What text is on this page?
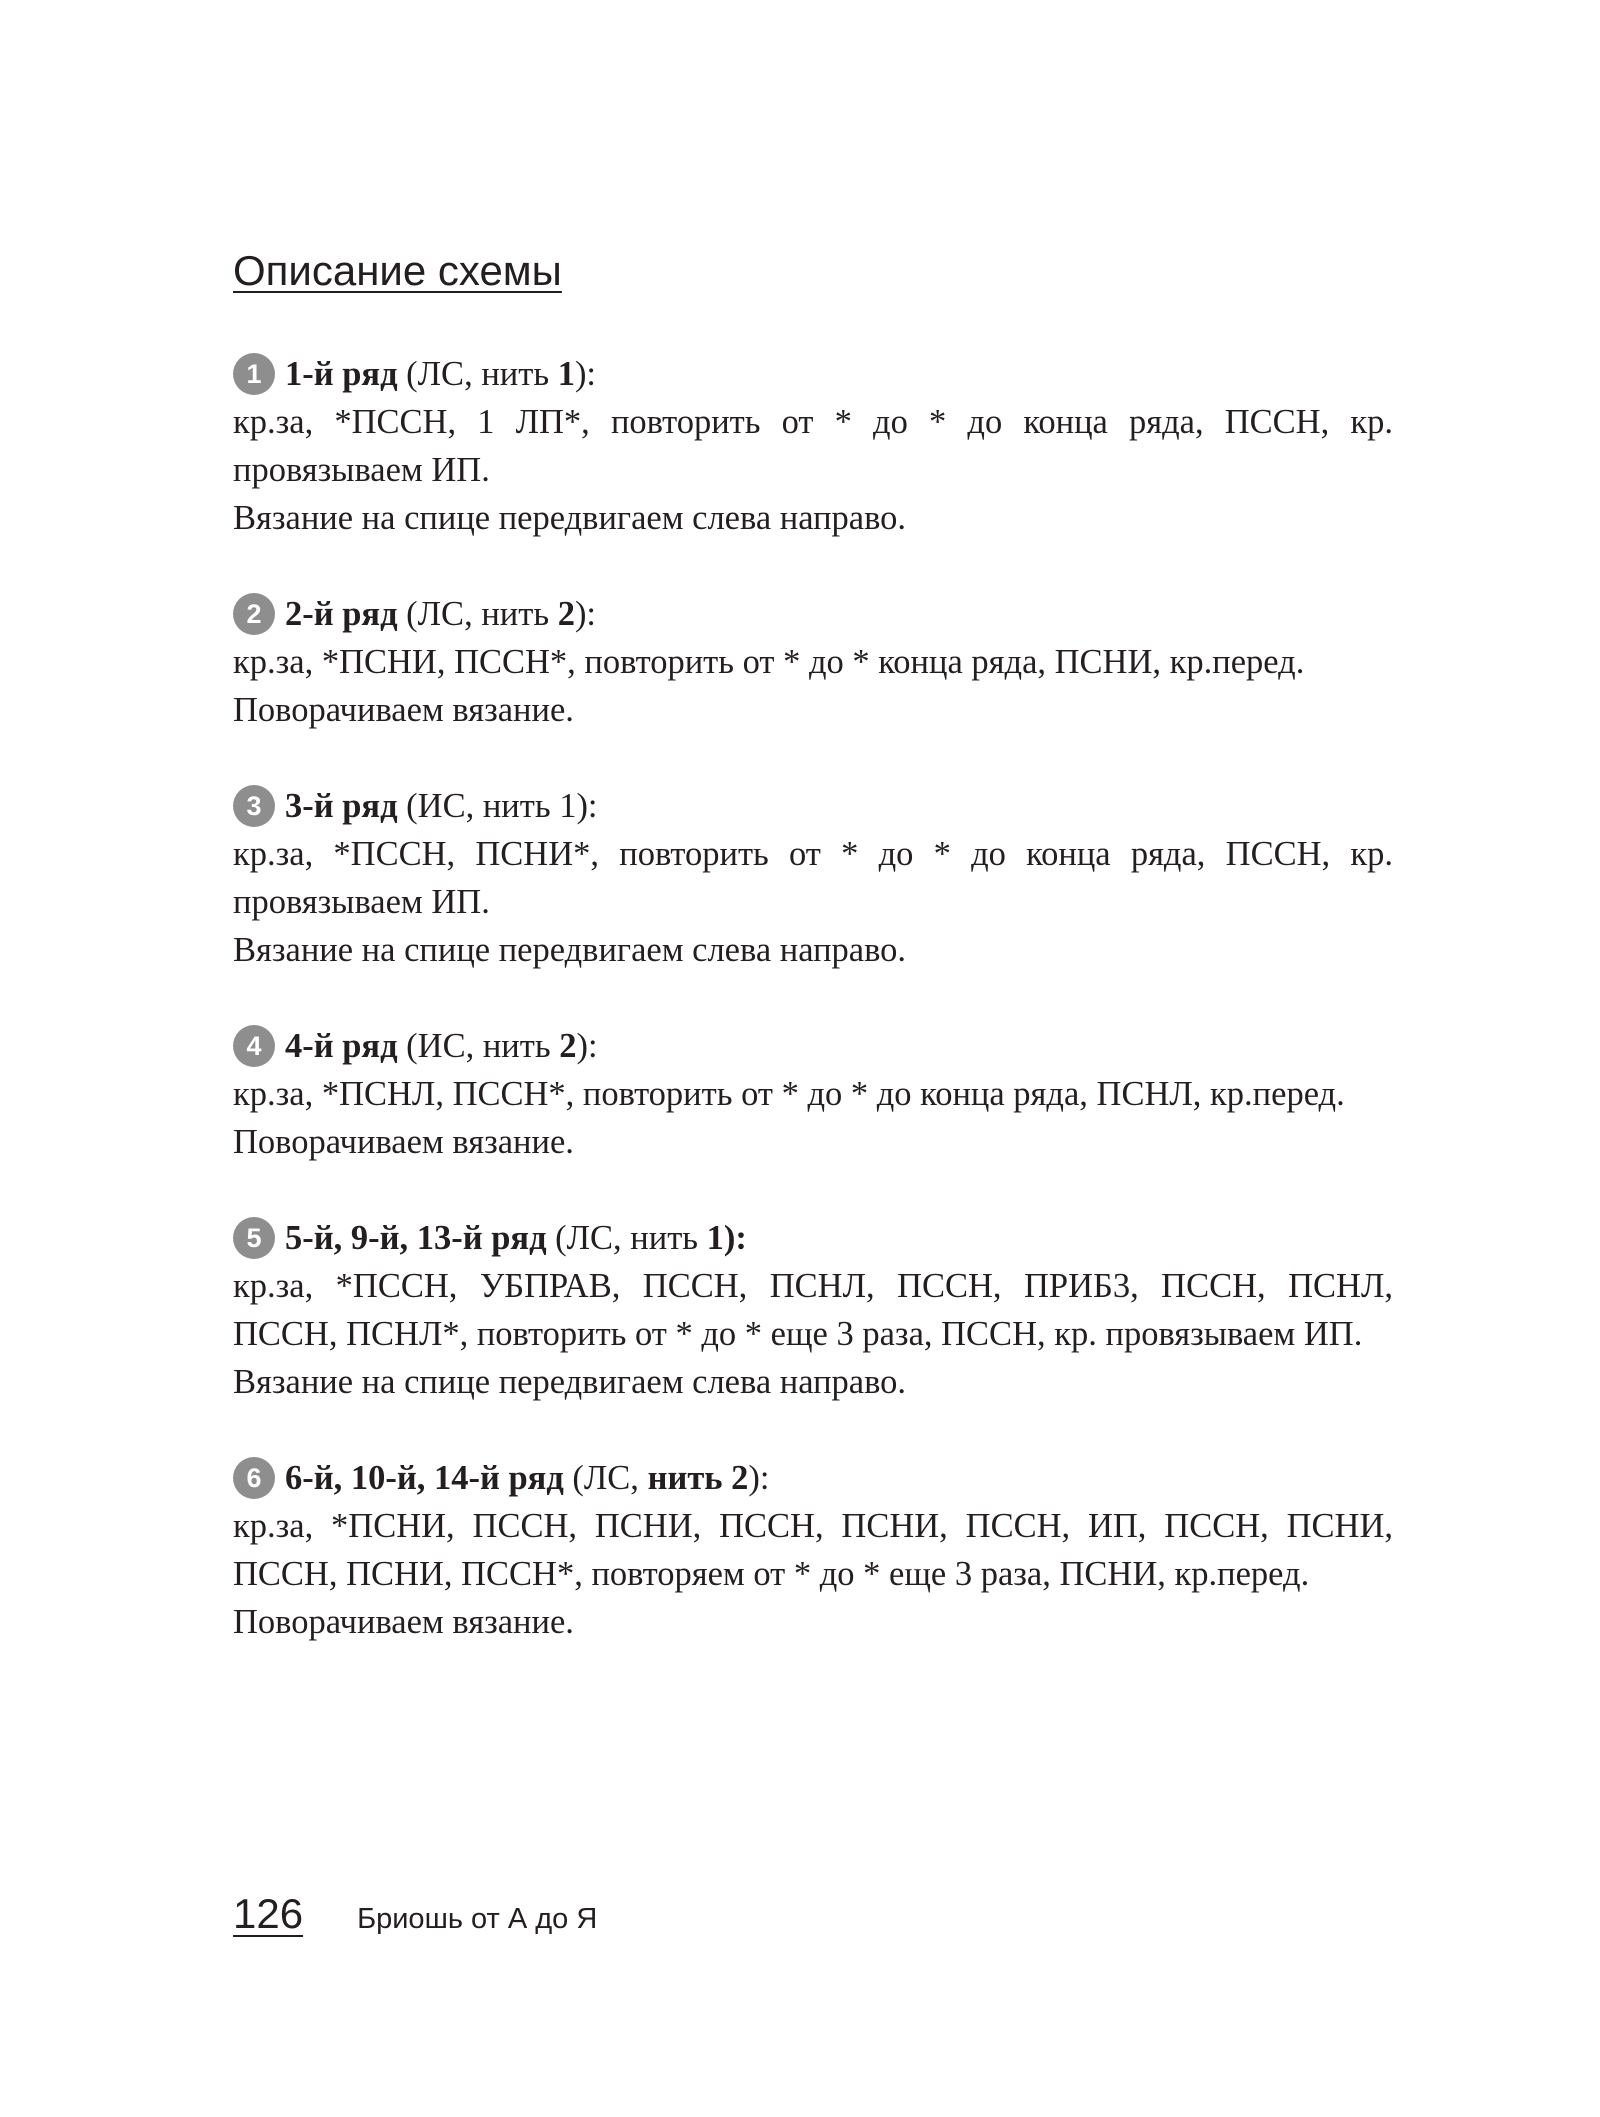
Описание схемы
1 1-й ряд (ЛС, нить 1):

кр.за, *ПССН, 1 ЛП*, повторить от * до * до конца ряда, ПССН, кр. провязываем ИП.

Вязание на спице передвигаем слева направо.

2 2-й ряд (ЛС, нить 2):

кр.за, *ПСНИ, ПССН*, повторить от * до * конца ряда, ПСНИ, кр.перед.

Поворачиваем вязание.

3 3-й ряд (ИС, нить 1):

кр.за, *ПССН, ПСНИ*, повторить от * до * до конца ряда, ПССН, кр. провязываем ИП.

Вязание на спице передвигаем слева направо.

4 4-й ряд (ИС, нить 2):

кр.за, *ПСНЛ, ПССН*, повторить от * до * до конца ряда, ПСНЛ, кр.перед.

Поворачиваем вязание.

5 5-й, 9-й, 13-й ряд (ЛС, нить 1):

кр.за, *ПССН, УБПРАВ, ПССН, ПСНЛ, ПССН, ПРИБ3, ПССН, ПСНЛ, ПССН, ПСНЛ*, повторить от * до * еще 3 раза, ПССН, кр. провязываем ИП.

Вязание на спице передвигаем слева направо.

6 6-й, 10-й, 14-й ряд (ЛС, нить 2):

кр.за, *ПСНИ, ПССН, ПСНИ, ПССН, ПСНИ, ПССН, ИП, ПССН, ПСНИ, ПССН, ПСНИ, ПССН*, повторяем от * до * еще 3 раза, ПСНИ, кр.перед.

Поворачиваем вязание.

126 Бриошь от А до Я
